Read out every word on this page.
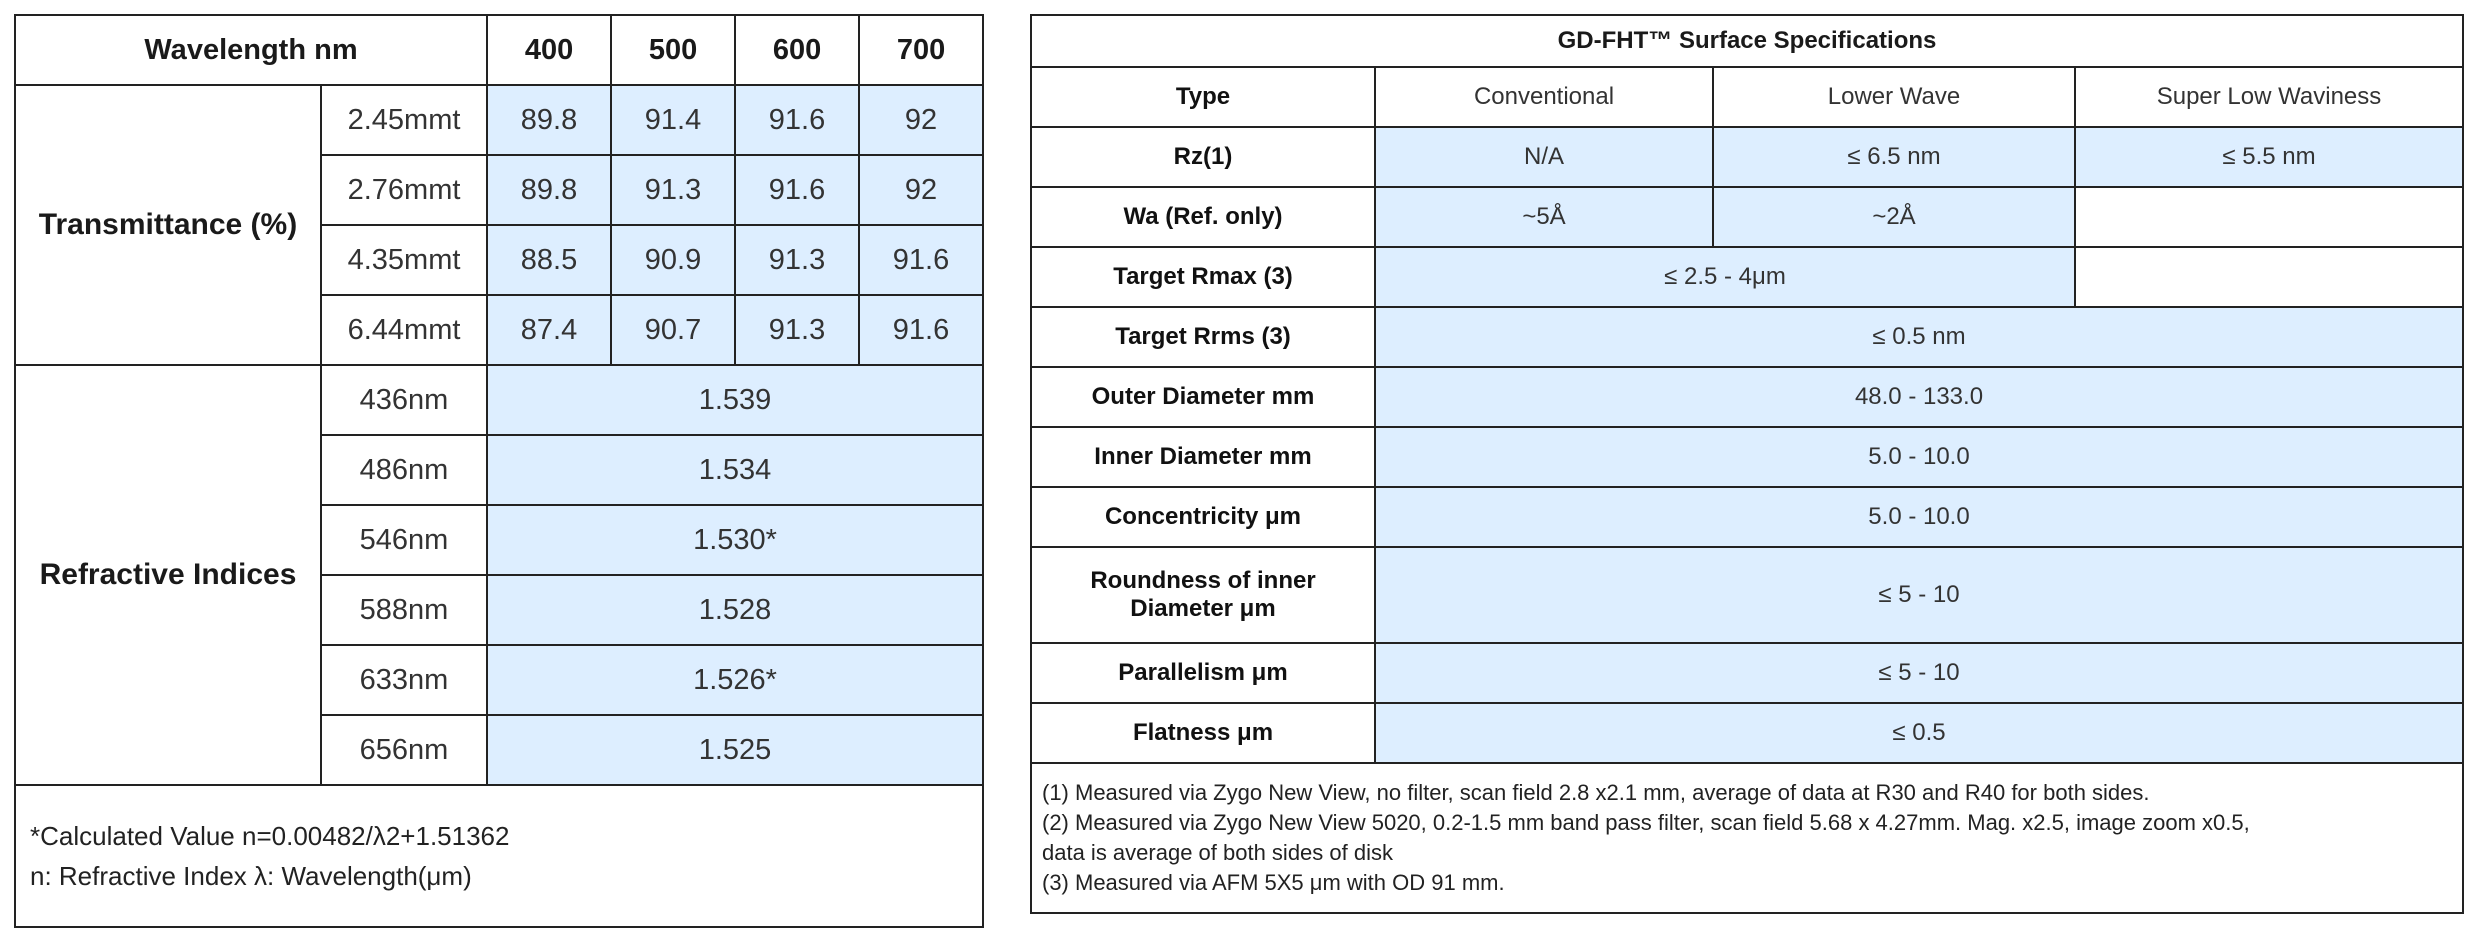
Wavelength nm		400	500	600	700
Transmittance (%)	2.45mmt	89.8	91.4	91.6	92
	2.76mmt	89.8	91.3	91.6	92
	4.35mmt	88.5	90.9	91.3	91.6
	6.44mmt	87.4	90.7	91.3	91.6
Refractive Indices	436nm	1.539			
	486nm	1.534			
	546nm	1.530*			
	588nm	1.528			
	633nm	1.526*			
	656nm	1.525			

*Calculated Value n=0.00482/λ2+1.51362
n: Refractive Index λ: Wavelength(μm)					
GD-FHT™ Surface Specifications			
Type	Conventional	Lower Wave	Super Low Waviness
Rz(1)	N/A	≤ 6.5 nm	≤ 5.5 nm
Wa (Ref. only)	~5Å	~2Å	
Target Rmax (3)	≤ 2.5 - 4μm		
Target Rrms (3)	≤ 0.5 nm		
Outer Diameter mm	48.0 - 133.0		
Inner Diameter mm	5.0 - 10.0		
Concentricity μm	5.0 - 10.0		

Roundness of inner
Diameter μm	≤ 5 - 10		
Parallelism μm	≤ 5 - 10		
Flatness μm	≤ 0.5		

(1) Measured via Zygo New View, no filter, scan field 2.8 x2.1 mm, average of data at R30 and R40 for both sides.
(2) Measured via Zygo New View 5020, 0.2-1.5 mm band pass filter, scan field 5.68 x 4.27mm. Mag. x2.5, image zoom x0.5,
data is average of both sides of disk
(3) Measured via AFM 5X5 μm with OD 91 mm.			
